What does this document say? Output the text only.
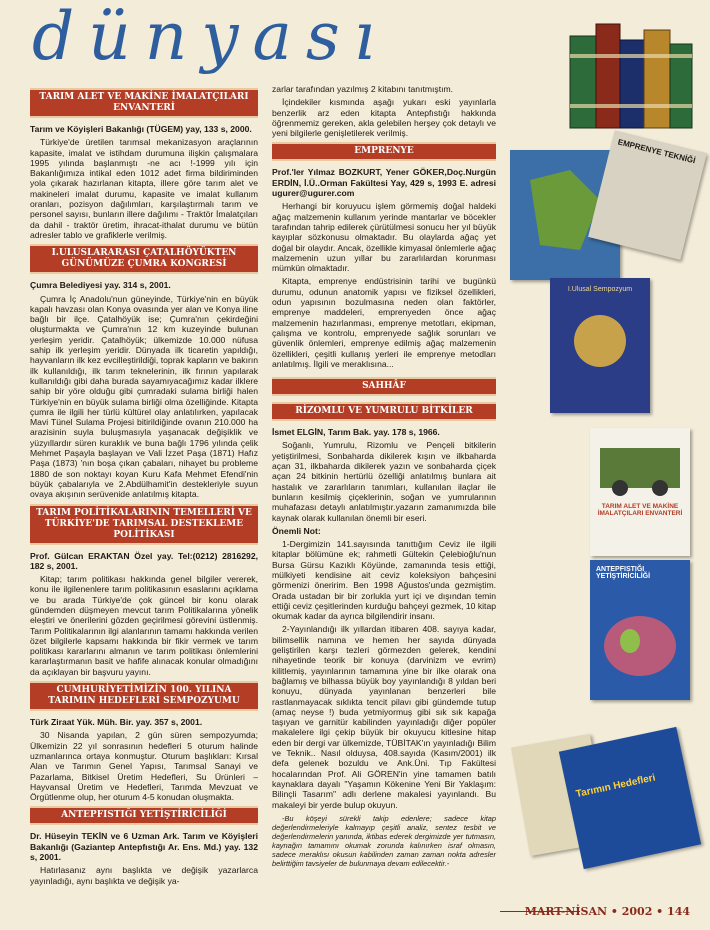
dünyası
TARIM ALET VE MAKİNE İMALATÇILARI ENVANTERİ

Tarım ve Köyişleri Bakanlığı (TÜGEM) yay, 133 s, 2000.

Türkiye'de üretilen tarımsal mekanizasyon araçlarının kapasite, imalat ve istihdam durumuna ilişkin çalışmalara 1995 yılında başlanmıştı -ne acı !-1999 yılı için Bakanlığımıza intikal eden 1012 adet firma bildiriminden yola çıkarak hazırlanan kitapta, illere göre tarım alet ve makineleri imalat durumu, kapasite ve imalat kullanım oranları, pozisyon dağılımları, karşılaştırmalı tarım ve personel sayısı, bunların illere dağılımı - Traktör İmalatçıları da dahil - traktör üretim, ihracat-ithalat durumu ve bütün adresler tablo ve grafiklerle verilmiş.

I.ULUSLARARASI ÇATALHÖYÜKTEN GÜNÜMÜZE ÇUMRA KONGRESİ

Çumra Belediyesi yay. 314 s, 2001.

Çumra İç Anadolu'nun güneyinde, Türkiye'nin en büyük kapalı havzası olan Konya ovasında yer alan ve Konya iline bağlı bir ilçe. Çatalhöyük ise; Çumra'nın çekirdeğini oluşturmakta ve Çumra'nın 12 km kuzeyinde bulunan yerleşim yeridir. Çatalhöyük; ülkemizde 10.000 nüfusa sahip ilk yerleşim yeridir. Dünyada ilk ticaretin yapıldığı, hayvanların ilk kez evcilleştirildiği, toprak kapların ve bakırın ilk kullanıldığı, ilk tarım teknelerinin, ilk fırının yapılarak kullanıldığı gibi daha burada sayamıyacağımız kadar ilklere sahip bir yöre olduğu gibi çumradaki sulama birliği halen Türkiye'nin en büyük sulama birliği olma özelliğinde. Kitapta çumra ile ilgili her türlü kültürel olay anlatılırken, yapılacak Mavi Tünel Sulama Projesi bitirildiğinde ovanın 210.000 ha arazisinin suyla buluşmasıyla yaşanacak değişiklik ve yüzyıllardır süren kuraklık ve buna bağlı 1796 yılında çelik Mehmet Paşayla başlayan ve Vali İzzet Paşa (1871) Hafız Paşa (1873) 'nın boşa çıkan çabaları, nihayet bu probleme 1880 de son noktayı koyan Kuru Kafa Mehmet Efendi'nin büyük çabalarıyla ve 2.Abdülhamit'in destekleriyle suyun ovaya akışının serüvenide anlatılmış kitapta.

TARIM POLİTİKALARININ TEMELLERİ VE TÜRKİYE'DE TARIMSAL DESTEKLEME POLİTİKASI

Prof. Gülcan ERAKTAN Özel yay. Tel:(0212) 2816292, 182 s, 2001.

Kitap; tarım politikası hakkında genel bilgiler vererek, konu ile ilgilenenlere tarım politikasının esaslarını açıklama ve bu arada Türkiye'de çok güncel bir konu olarak gündemden düşmeyen mevcut tarım Politikalarına yönelik eleştiri ve önerilerini gözden geçirilmesi görevini üstlenmiş. Tarım Politikalarının ilgi alanlarının tamamı hakkında verilen özet bilgilerle kapsamı hakkında bir fikir vermek ve tarım politikası kararlarını almanın ve tarım politikası önlemlerini kararlaştırmanın basit ve hafife alınacak konular olmadığını da açıklayan bir başvuru yayını.

CUMHURİYETİMİZİN 100. YILINA TARIMIN HEDEFLERİ SEMPOZYUMU

Türk Ziraat Yük. Müh. Bir. yay. 357 s, 2001.

30 Nisanda yapılan, 2 gün süren sempozyumda; Ülkemizin 22 yıl sonrasının hedefleri 5 oturum halinde uzmanlarınca ortaya konmuştur. Oturum başlıkları: Kırsal Alan ve Tarımın Genel Yapısı, Tarımsal Sanayi ve Pazarlama, Bitkisel Üretim Hedefleri, Su Ürünleri – Hayvansal Üretim ve Hedefleri, Tarımda Mevzuat ve Örgütlenme olup, her oturum 4-5 konudan oluşmakta.

ANTEPFISTIĞI YETİŞTİRİCİLİĞİ

Dr. Hüseyin TEKİN ve 6 Uzman Ark. Tarım ve Köyişleri Bakanlığı (Gaziantep Antepfıstığı Ar. Ens. Md.) yay. 132 s, 2001.

Hatırlasanız aynı başlıkta ve değişik yazarlarca yayınladığı, aynı başlıkta ve değişik ya-

zarlar tarafından yazılmış 2 kitabını tanıtmıştım.

İçindekiler kısmında aşağı yukarı eski yayınlarla benzerlik arz eden kitapta Antepfıstığı hakkında öğrenmemiz gereken, akla gelebilen herşey çok detaylı ve yeni bilgilerle genişletilerek verilmiş.

EMPRENYE

Prof.'ler Yılmaz BOZKURT, Yener GÖKER,Doç.Nurgün ERDİN, İ.Ü..Orman Fakültesi Yay, 429 s, 1993 E. adresi ugurer@ugurer.com

Herhangi bir koruyucu işlem görmemiş doğal haldeki ağaç malzemenin kullanım yerinde mantarlar ve böcekler tarafından tahrip edilerek çürütülmesi sonucu her yıl büyük kayıplar sözkonusu olmaktadır. Bu olaylarda ağaç yet doğal bir olaydır. Ancak, özellikle kimyasal önlemlerle ağaç malzemenin uzun yıllar bu zararlılardan korunması mümkün olmaktadır.

Kitapta, emprenye endüstrisinin tarihi ve bugünkü durumu, odunun anatomik yapısı ve fiziksel özellikleri, odun yapısının bozulmasına neden olan faktörler, emprenye maddeleri, emprenyeden önce ağaç malzemenin hazırlanması, emprenye metotları, ekipman, çalışma ve kontrolu, emprenyede sağlık sorunları ve güvenlik önlemleri, emprenye edilmiş ağaç malzemenin özellikleri, çeşitli kullanış yerleri ile emprenye metodları anlatılmış. İlgili ve meraklısına...

SAHHÂF
RİZOMLU VE YUMRULU BİTKİLER

İsmet ELGİN, Tarım Bak. yay. 178 s, 1966.

Soğanlı, Yumrulu, Rizomlu ve Pençeli bitkilerin yetiştirilmesi, Sonbaharda dikilerek kışın ve ilkbaharda açan 31, ilkbaharda dikilerek yazın ve sonbaharda çiçek açan 24 bitkinin hertürlü özelliği anlatılmış bunlara ait hastalık ve zararlıların tanımları, kullanılan ilaçlar ile bunların kesilmiş çiçeklerinin, soğan ve yumrularının muhafazası detaylı anlatılmıştır.yazarın zamanımızda bile kaynak olarak kullanılan önemli bir eseri.

Önemli Not:

1-Dergimizin 141.sayısında tanıttığım Ceviz ile ilgili kitaplar bölümüne ek; rahmetli Gültekin Çelebioğlu'nun Bursa Gürsu Kazıklı Köyünde, zamanında tesis ettiği, mülkiyeti kendisine ait ceviz koleksiyon bahçesini görmenizi öneririm. Ben 1998 Ağustos'unda gezmiştim. Orada ustadan bir bir zorlukla yurt içi ve dışından temin ettiği ceviz çeşitlerinden kurduğu bahçeyi gezmek, 10 kitap okumak kadar da ayrıca bilgilendirir insanı.

2-Yayınlandığı ilk yıllardan itibaren 408. sayıya kadar, bilimsellik namına ve hemen her sayıda dünyada geliştirilen karşı tezleri görmezden gelerek, kendini nihayetinde teorik bir konuya (darvinizm ve evrim) kilitlemiş, yayınlarının tamamına yine bir ilke olarak ona bağlamış ve bilhassa büyük boy yayınlandığı 8 yıldan beri konuyu, dünyada yayınlanan benzerleri bile rastlanmayacak sıklıkta tencit pilavı gibi gündemde tutup (amaç neyse !) buda yetmiyormuş gibi sık sık kapağa taşıyan ve garnitür kabilinden yayınladığı diğer popüler makalelere ilgi çekip büyük bir okuyucu kitlesine hitap eden bir dergi var ülkemizde, TÜBİTAK'ın yayınladığı Bilim ve Teknik.. Nasıl olduysa, 408.sayıda (Kasım/2001) ilk defa gelenek bozuldu ve Ank.Üni. Tıp Fakültesi hocalarından Prof. Ali GÖREN'in yine tamamen batılı kaynaklara dayalı "Yaşamın Kökenine Yeni Bir Yaklaşım: Bilinçli Tasarım" adlı derlene makalesi yayınlandı. Bu makaleyi bir yerde bulup okuyun.

-Bu köşeyi sürekli takip edenlere; sadece kitap değerlendirmeleriyle kalmayıp çeşitli analiz, sentez tesbit ve değerlendirmelerin yanında, iktibas ederek dergimizde yer tutmasın, kaynağın tamamını okumak zorunda kalınırken israf olmasın, sadece meraklısı okusun kabilinden zaman zaman nokta adresler belirttiğim tavsiyeler de bulunmaya devam edilecektir.-

EMPRENYE TEKNİĞİ
I.Ulusal Sempozyum
TARIM ALET VE MAKİNE İMALATÇILARI ENVANTERİ
ANTEPFISTIĞI YETİŞTİRİCİLİĞİ
Tarımın Hedefleri
MART-NİSAN • 2002 • 144
